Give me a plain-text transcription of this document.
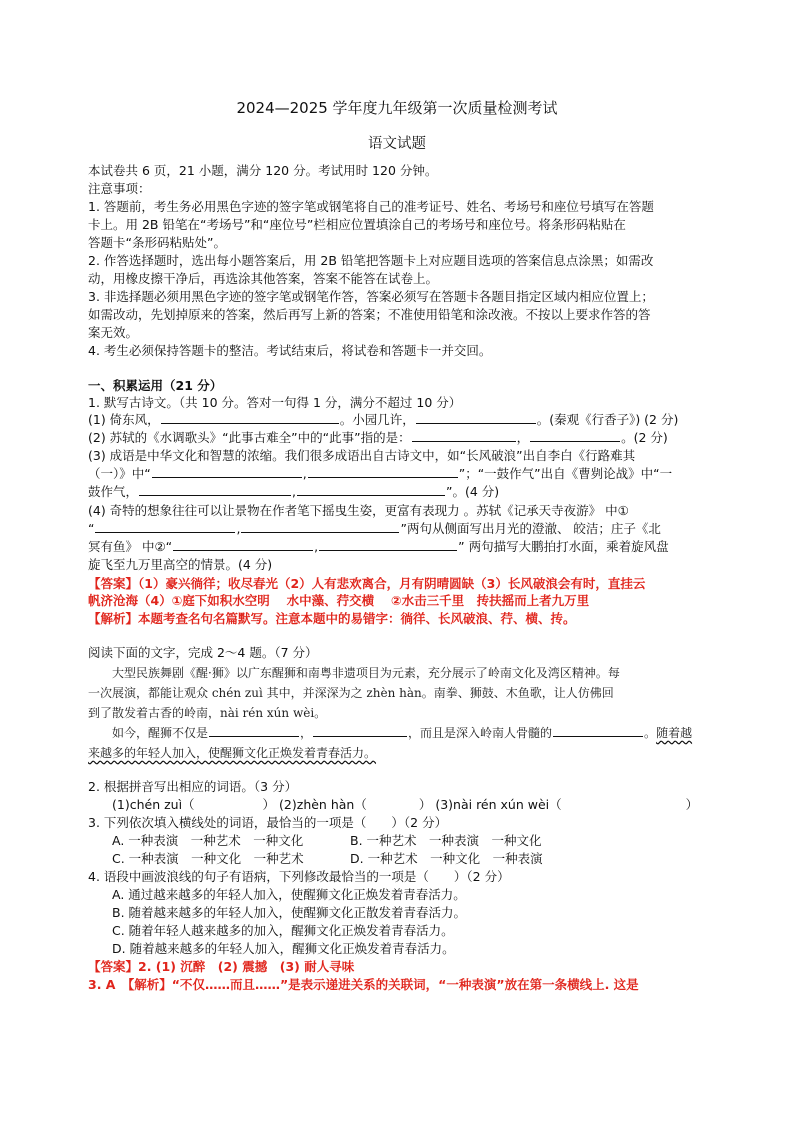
2024—2025 学年度九年级第一次质量检测考试
语文试题
本试卷共 6 页，21 小题，满分 120 分。考试用时 120 分钟。
注意事项：
1. 答题前，考生务必用黑色字迹的签字笔或钢笔将自己的准考证号、姓名、考场号和座位号填写在答题
卡上。用 2B 铅笔在“考场号”和“座位号”栏相应位置填涂自己的考场号和座位号。将条形码粘贴在
答题卡“条形码粘贴处”。
2. 作答选择题时，选出每小题答案后，用 2B 铅笔把答题卡上对应题目选项的答案信息点涂黑；如需改
动，用橡皮擦干净后，再选涂其他答案，答案不能答在试卷上。
3. 非选择题必须用黑色字迹的签字笔或钢笔作答，答案必须写在答题卡各题目指定区域内相应位置上；
如需改动，先划掉原来的答案，然后再写上新的答案；不准使用铅笔和涂改液。不按以上要求作答的答
案无效。
4. 考生必须保持答题卡的整洁。考试结束后，将试卷和答题卡一并交回。
一、积累运用（21 分）
1. 默写古诗文。（共 10 分。答对一句得 1 分，满分不超过 10 分）
(1) 倚东风，	。小园几许，	。(秦观《行香子》) (2 分)
(2) 苏轼的《水调歌头》“此事古难全”中的“此事”指的是：	，	。(2 分)
(3) 成语是中华文化和智慧的浓缩。我们很多成语出自古诗文中，如“长风破浪”出自李白《行路难其
（一）》中“	,	”；“一鼓作气”出自《曹刿论战》中“一
鼓作气，	,	”。(4 分)
(4) 奇特的想象往往可以让景物在作者笔下摇曳生姿，更富有表现力 。苏轼《记承天寺夜游》 中①
“	,	”两句从侧面写出月光的澄澈、 皎洁；庄子《北
冥有鱼》 中②“	,	” 两句描写大鹏拍打水面，乘着旋风盘
旋飞至九万里高空的情景。(4 分)
【答案】（1）豪兴徜徉；收尽春光（2）人有悲欢离合，月有阴晴圆缺（3）长风破浪会有时，直挂云
帆济沧海（4）①庭下如积水空明　 水中藻、荇交横　 ②水击三千里　抟扶摇而上者九万里
【解析】本题考查名句名篇默写。注意本题中的易错字：徜徉、长风破浪、荇、横、抟。
阅读下面的文字，完成 2～4 题。（7 分）
　　大型民族舞剧《醒·狮》以广东醒狮和南粤非遗项目为元素，充分展示了岭南文化及湾区精神。每
一次展演，都能让观众 chén zuì 其中，并深深为之 zhèn hàn。南拳、狮鼓、木鱼歌，让人仿佛回
到了散发着古香的岭南，nài rén xún wèi。
　　如今，醒狮不仅是	，	，而且是深入岭南人骨髓的	。随着越
来越多的年轻人加入，使醒狮文化正焕发着青春活力。
2. 根据拼音写出相应的词语。（3 分）
(1)chén zuì（	） (2)zhèn hàn（	） (3)nài rén xún wèi（	）
3. 下列依次填入横线处的词语，最恰当的一项是（　　）（2 分）
A. 一种表演　一种艺术　一种文化	B. 一种艺术　一种表演　一种文化
C. 一种表演　一种文化　一种艺术	D. 一种艺术　一种文化　一种表演
4. 语段中画波浪线的句子有语病，下列修改最恰当的一项是（　　）（2 分）
A. 通过越来越多的年轻人加入，使醒狮文化正焕发着青春活力。
B. 随着越来越多的年轻人加入，使醒狮文化正散发着青春活力。
C. 随着年轻人越来越多的加入，醒狮文化正焕发着青春活力。
D. 随着越来越多的年轻人加入，醒狮文化正焕发着青春活力。
【答案】2. (1) 沉醉　(2) 震撼　(3) 耐人寻味
3. A　【解析】“不仅……而且……”是表示递进关系的关联词，“一种表演”放在第一条横线上. 这是
